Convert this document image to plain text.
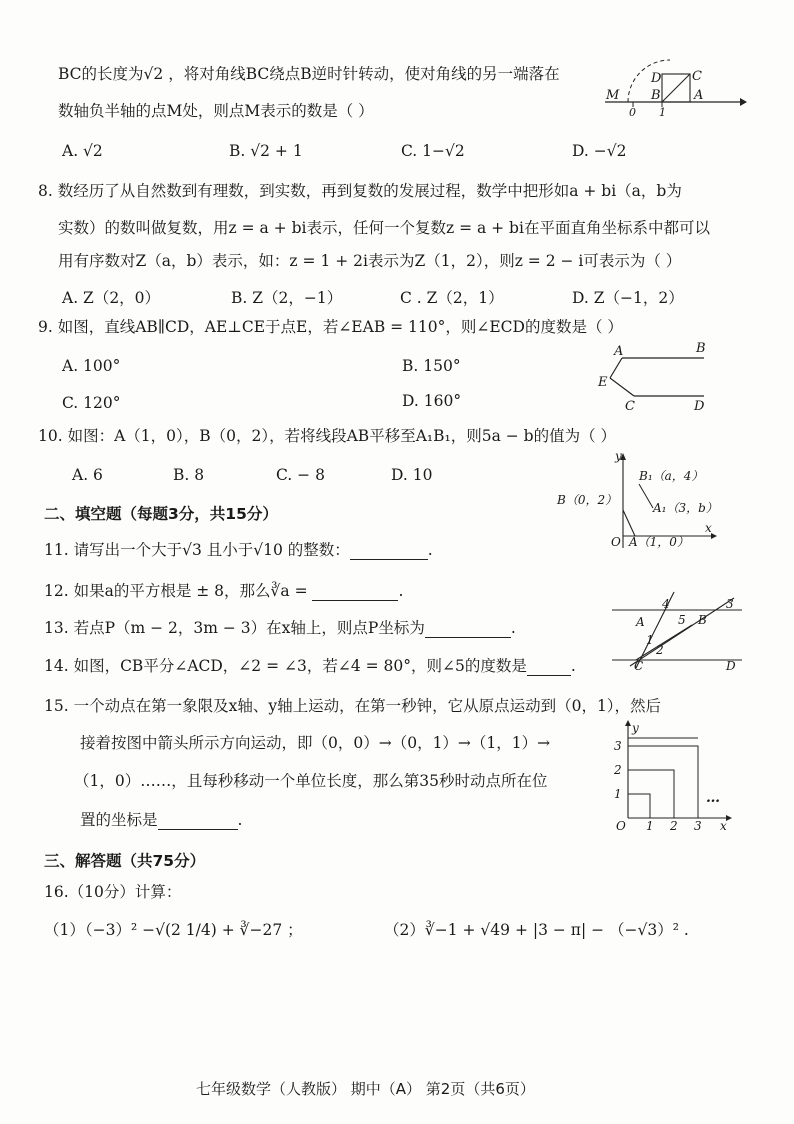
BC的长度为√2 ，将对角线BC绕点B逆时针转动，使对角线的另一端落在
数轴负半轴的点M处，则点M表示的数是（ ）
A. √2	B. √2 + 1	C. 1−√2	D. −√2
D C
M B	A
0 1
8. 数经历了从自然数到有理数，到实数，再到复数的发展过程，数学中把形如a + bi（a，b为
实数）的数叫做复数，用z = a + bi表示，任何一个复数z = a + bi在平面直角坐标系中都可以
用有序数对Z（a，b）表示，如：z = 1 + 2i表示为Z（1，2），则z = 2 − i可表示为（ ）
A. Z（2，0）	B. Z（2，−1）	C . Z（2，1）	D. Z（−1，2）
9. 如图，直线AB∥CD，AE⊥CE于点E，若∠EAB = 110°，则∠ECD的度数是（ ）
A. 100°	B. 150°
C. 120°	D. 160°
A	B
E
C	D
10. 如图：A（1，0），B（0，2），若将线段AB平移至A₁B₁，则5a − b的值为（ ）
A. 6	B. 8	C. − 8	D. 10
y
B₁（a，4）
B（0，2）
A₁（3，b）
O A（1，0）
x
二、填空题（每题3分，共15分）
11. 请写出一个大于√3 且小于√10 的整数：	.
12. 如果a的平方根是 ± 8，那么∛a =	.
13. 若点P（m − 2，3m − 3）在x轴上，则点P坐标为	.	A
4
5 B
3
1
2
C	D
14. 如图，CB平分∠ACD，∠2 = ∠3，若∠4 = 80°，则∠5的度数是	.
15. 一个动点在第一象限及x轴、y轴上运动，在第一秒钟，它从原点运动到（0，1），然后
接着按图中箭头所示方向运动，即（0，0）→（0，1）→（1，1）→
（1，0）……，且每秒移动一个单位长度，那么第35秒时动点所在位
置的坐标是	.
y
3
2
1
O 1 2 3 x
…
三、解答题（共75分）
16.（10分）计算：
（1）（−3）² −√(2 1/4) + ∛−27 ；	（2）∛−1 + √49 + |3 − π| − （−√3）² .
七年级数学（人教版） 期中（A） 第2页（共6页）
